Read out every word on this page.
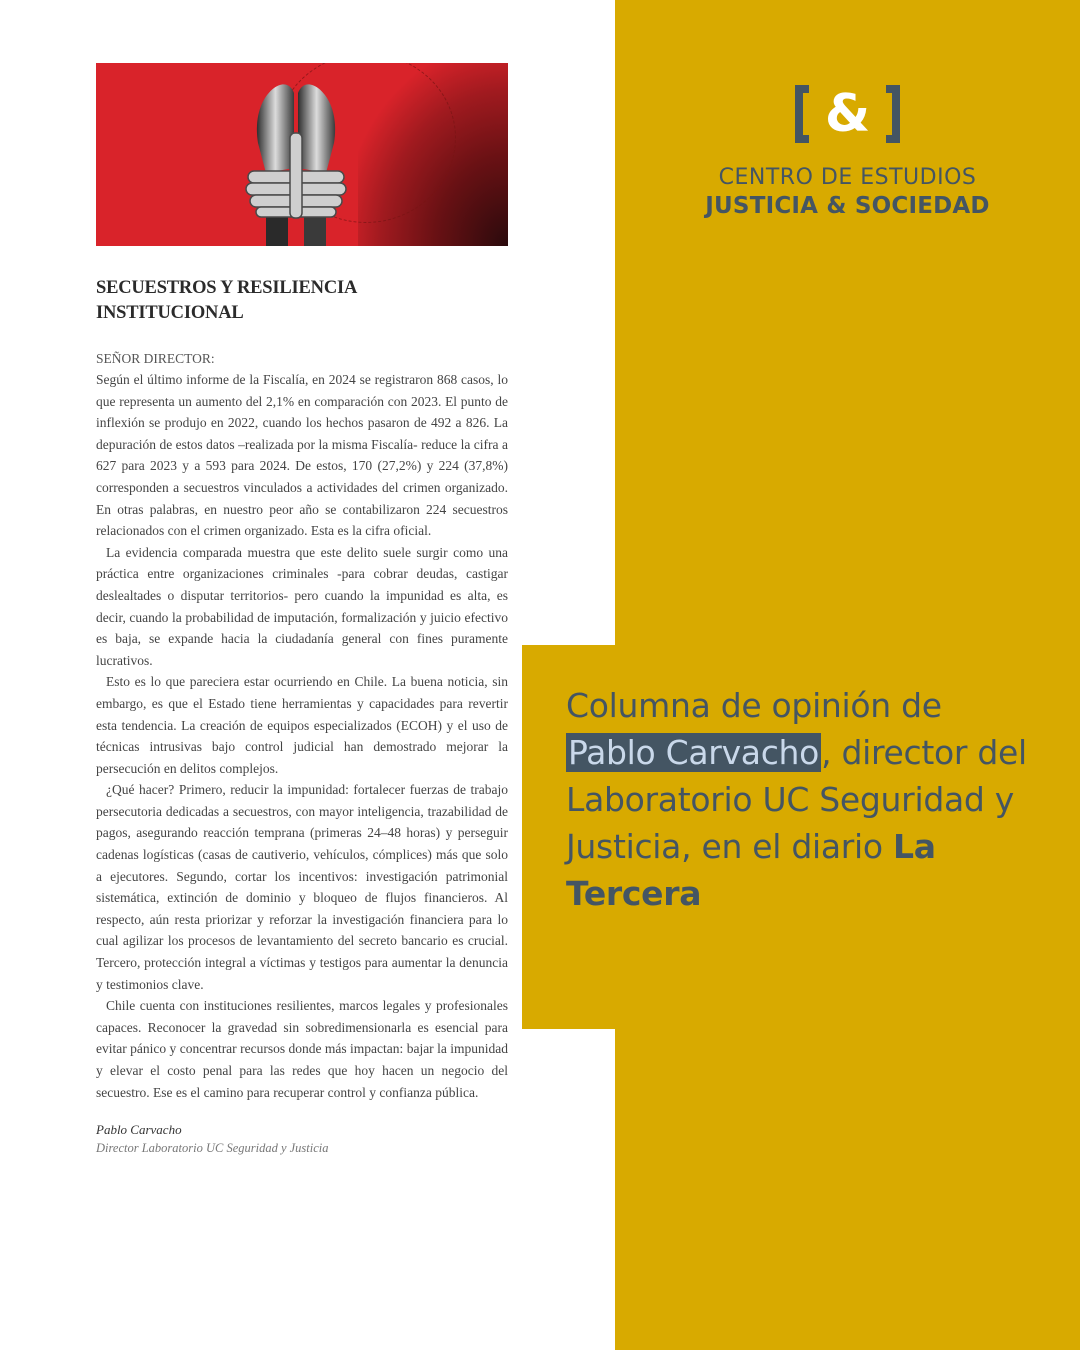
&
CENTRO DE ESTUDIOS
JUSTICIA & SOCIEDAD
Columna de opinión de Pablo Carvacho, director del Laboratorio UC Seguridad y Justicia, en el diario La Tercera
SECUESTROS Y RESILIENCIA INSTITUCIONAL
SEÑOR DIRECTOR:

Según el último informe de la Fiscalía, en 2024 se registraron 868 casos, lo que representa un aumento del 2,1% en comparación con 2023. El punto de inflexión se produjo en 2022, cuando los hechos pasaron de 492 a 826. La depuración de estos datos –realizada por la misma Fiscalía- reduce la cifra a 627 para 2023 y a 593 para 2024. De estos, 170 (27,2%) y 224 (37,8%) corresponden a secuestros vinculados a actividades del crimen organizado. En otras palabras, en nuestro peor año se contabilizaron 224 secuestros relacionados con el crimen organizado. Esta es la cifra oficial.

La evidencia comparada muestra que este delito suele surgir como una práctica entre organizaciones criminales -para cobrar deudas, castigar deslealtades o disputar territorios- pero cuando la impunidad es alta, es decir, cuando la probabilidad de imputación, formalización y juicio efectivo es baja, se expande hacia la ciudadanía general con fines puramente lucrativos.

Esto es lo que pareciera estar ocurriendo en Chile. La buena noticia, sin embargo, es que el Estado tiene herramientas y capacidades para revertir esta tendencia. La creación de equipos especializados (ECOH) y el uso de técnicas intrusivas bajo control judicial han demostrado mejorar la persecución en delitos complejos.

¿Qué hacer? Primero, reducir la impunidad: fortalecer fuerzas de trabajo persecutoria dedicadas a secuestros, con mayor inteligencia, trazabilidad de pagos, asegurando reacción temprana (primeras 24–48 horas) y perseguir cadenas logísticas (casas de cautiverio, vehículos, cómplices) más que solo a ejecutores. Segundo, cortar los incentivos: investigación patrimonial sistemática, extinción de dominio y bloqueo de flujos financieros. Al respecto, aún resta priorizar y reforzar la investigación financiera para lo cual agilizar los procesos de levantamiento del secreto bancario es crucial. Tercero, protección integral a víctimas y testigos para aumentar la denuncia y testimonios clave.

Chile cuenta con instituciones resilientes, marcos legales y profesionales capaces. Reconocer la gravedad sin sobredimensionarla es esencial para evitar pánico y concentrar recursos donde más impactan: bajar la impunidad y elevar el costo penal para las redes que hoy hacen un negocio del secuestro. Ese es el camino para recuperar control y confianza pública.

Pablo Carvacho
Director Laboratorio UC Seguridad y Justicia
